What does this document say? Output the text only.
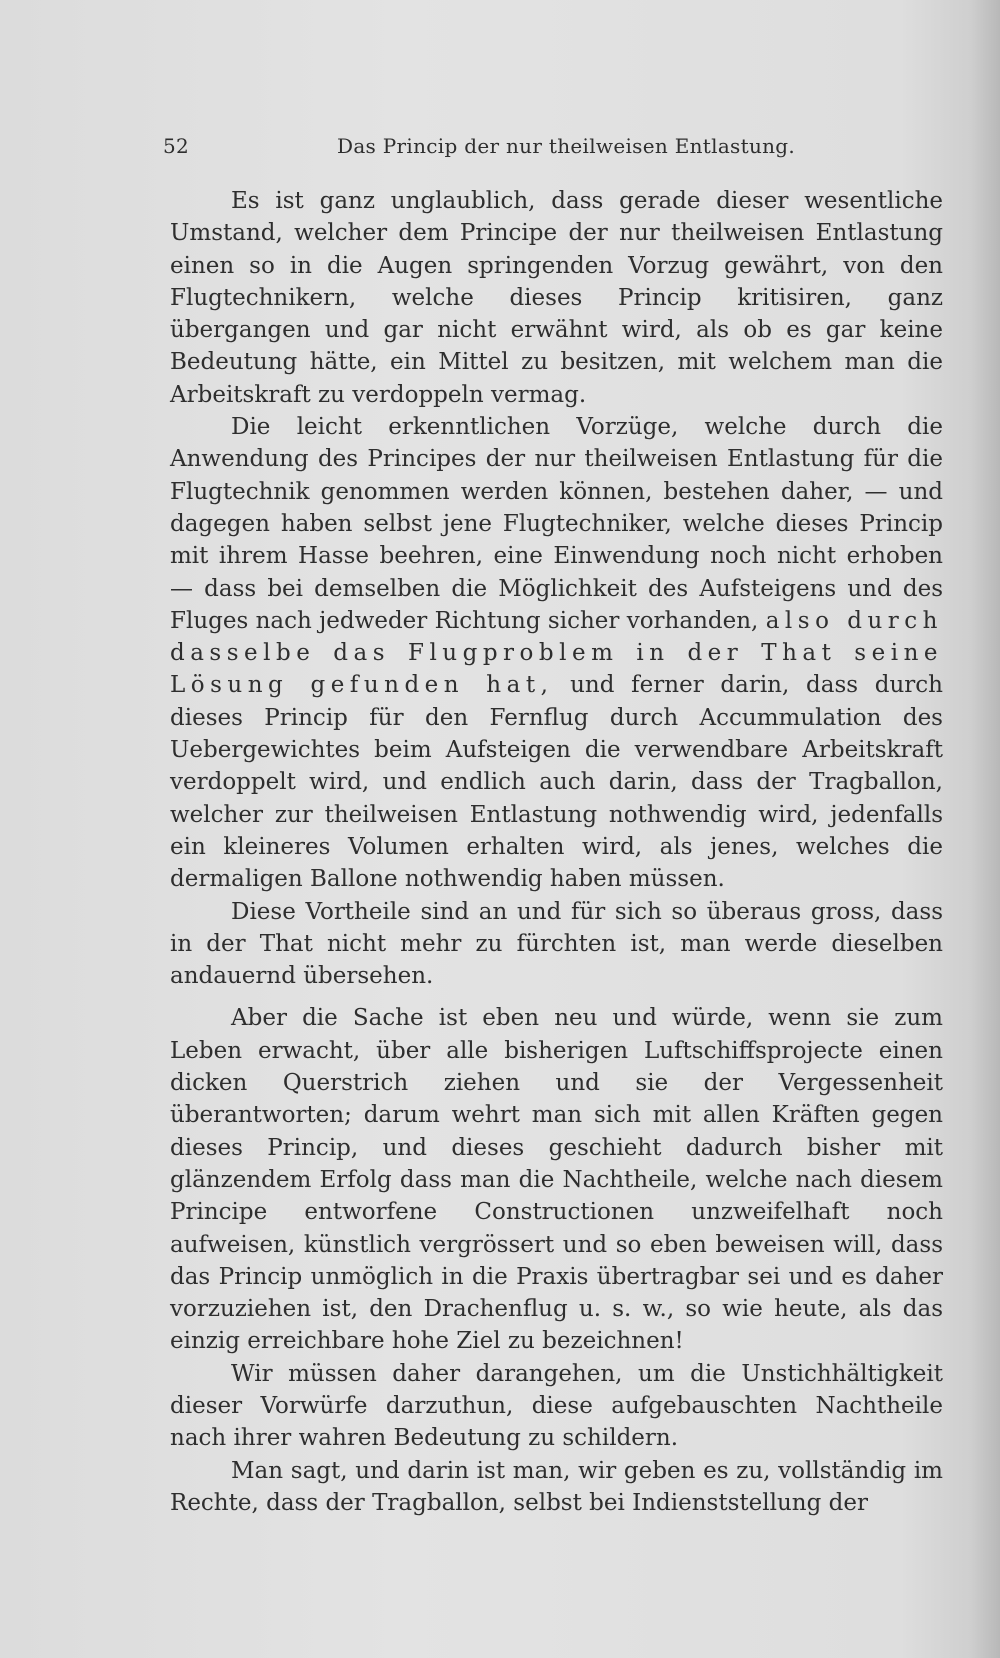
52	Das Princip der nur theilweisen Entlastung.

Es ist ganz unglaublich, dass gerade dieser wesentliche Umstand, welcher dem Principe der nur theilweisen Entlastung einen so in die Augen springenden Vorzug gewährt, von den Flugtechnikern, welche dieses Princip kritisiren, ganz übergangen und gar nicht erwähnt wird, als ob es gar keine Bedeutung hätte, ein Mittel zu besitzen, mit welchem man die Arbeitskraft zu verdoppeln vermag.

Die leicht erkenntlichen Vorzüge, welche durch die Anwendung des Principes der nur theilweisen Entlastung für die Flugtechnik genommen werden können, bestehen daher, — und dagegen haben selbst jene Flugtechniker, welche dieses Princip mit ihrem Hasse beehren, eine Einwendung noch nicht erhoben — dass bei demselben die Möglichkeit des Aufsteigens und des Fluges nach jedweder Richtung sicher vorhanden, also durch dasselbe das Flugproblem in der That seine Lösung gefunden hat, und ferner darin, dass durch dieses Princip für den Fernflug durch Accummulation des Uebergewichtes beim Aufsteigen die verwendbare Arbeitskraft verdoppelt wird, und endlich auch darin, dass der Tragballon, welcher zur theilweisen Entlastung nothwendig wird, jedenfalls ein kleineres Volumen erhalten wird, als jenes, welches die dermaligen Ballone nothwendig haben müssen.

Diese Vortheile sind an und für sich so überaus gross, dass in der That nicht mehr zu fürchten ist, man werde dieselben andauernd übersehen.

Aber die Sache ist eben neu und würde, wenn sie zum Leben erwacht, über alle bisherigen Luftschiffsprojecte einen dicken Querstrich ziehen und sie der Vergessenheit überantworten; darum wehrt man sich mit allen Kräften gegen dieses Princip, und dieses geschieht dadurch bisher mit glänzendem Erfolg dass man die Nachtheile, welche nach diesem Principe entworfene Constructionen unzweifelhaft noch aufweisen, künstlich vergrössert und so eben beweisen will, dass das Princip unmöglich in die Praxis übertragbar sei und es daher vorzuziehen ist, den Drachenflug u. s. w., so wie heute, als das einzig erreichbare hohe Ziel zu bezeichnen!

Wir müssen daher darangehen, um die Unstichhältigkeit dieser Vorwürfe darzuthun, diese aufgebauschten Nachtheile nach ihrer wahren Bedeutung zu schildern.

Man sagt, und darin ist man, wir geben es zu, vollständig im Rechte, dass der Tragballon, selbst bei Indienststellung der
